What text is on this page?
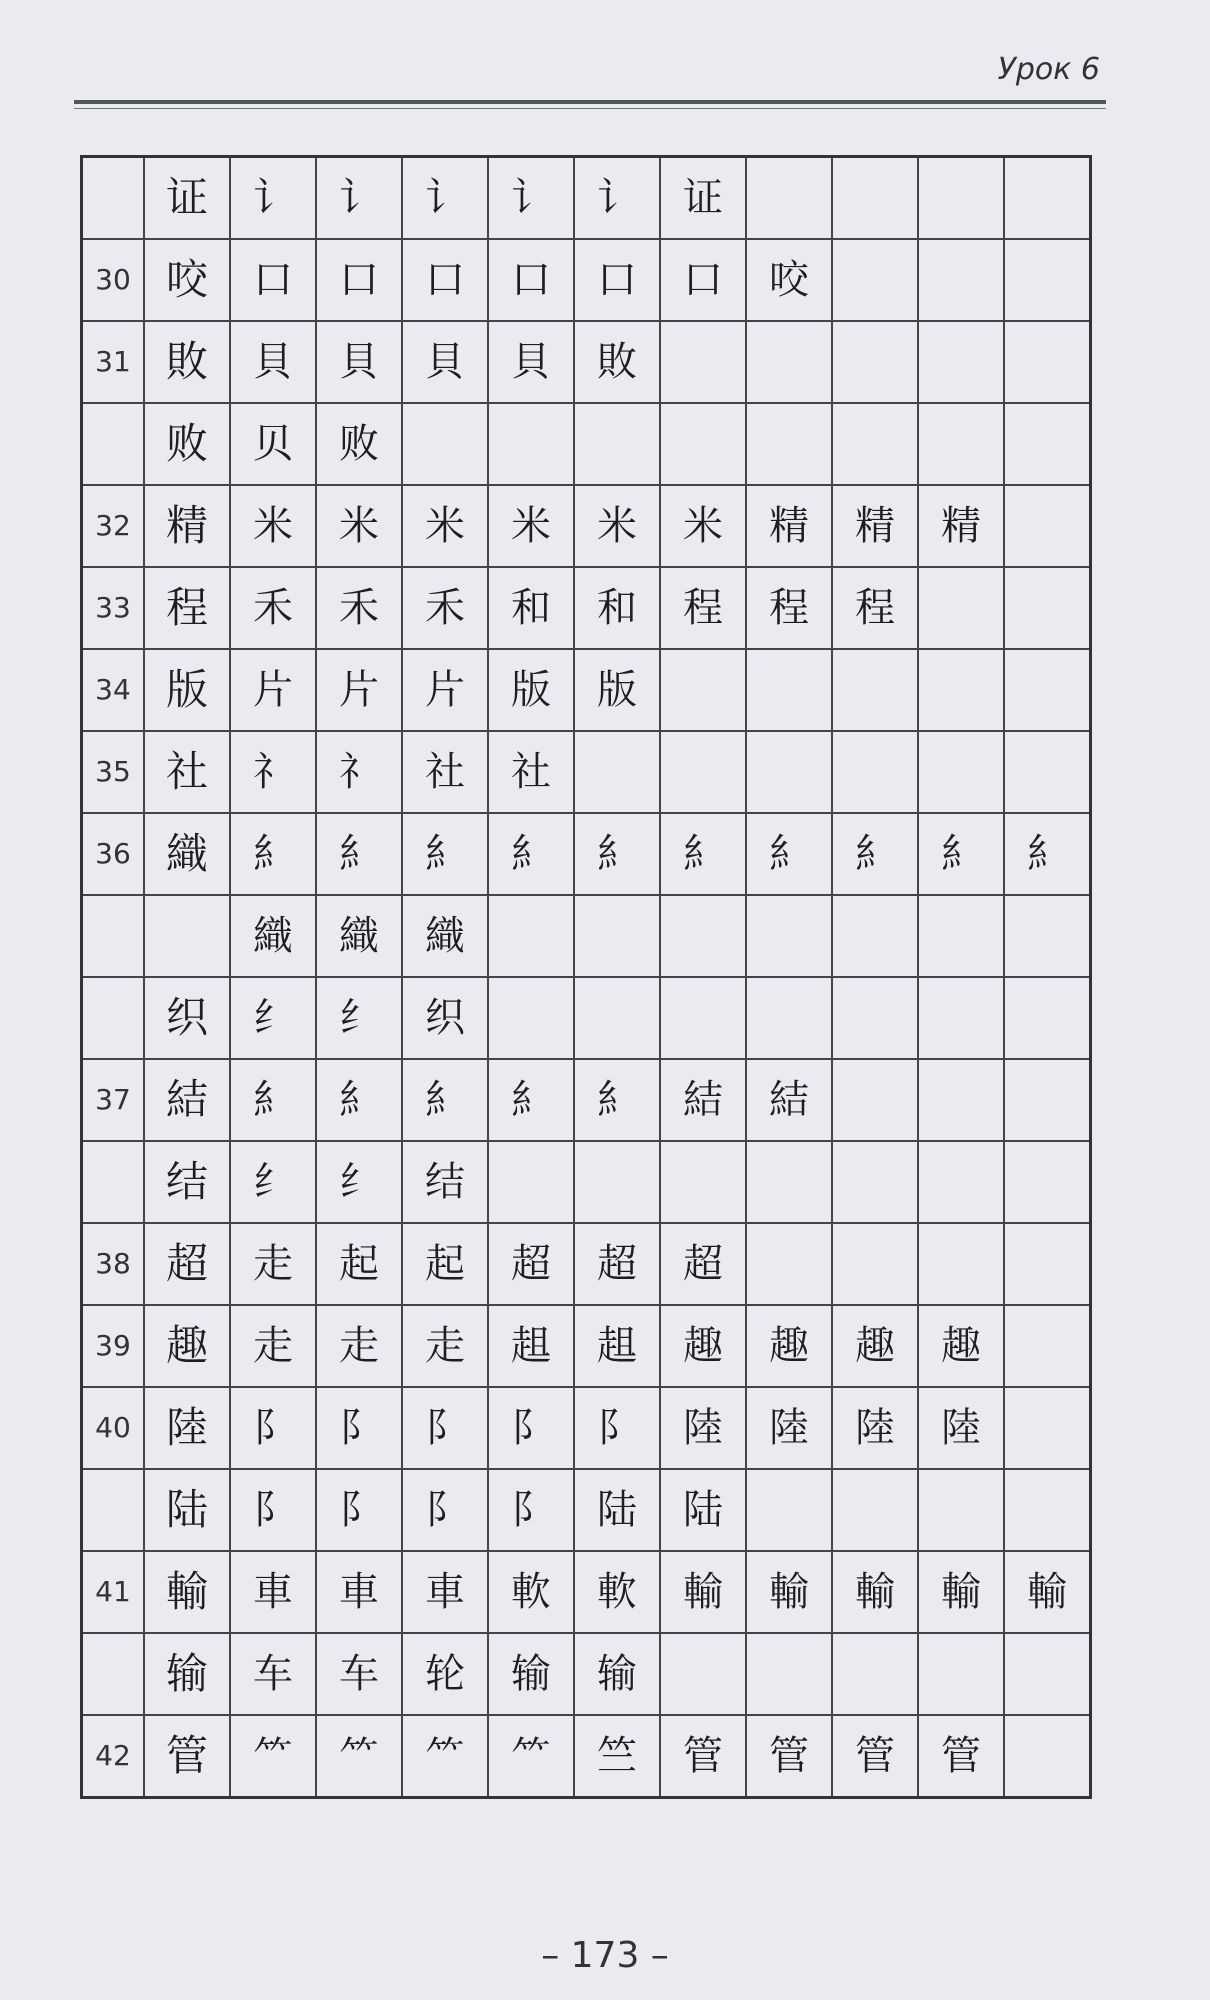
Урок 6
	证	讠	讠	讠	讠	讠	证				
30	咬	口	口	口	口	口	口	咬			
31	敗	貝	貝	貝	貝	敗					
	败	贝	败								
32	精	米	米	米	米	米	米	精	精	精	
33	程	禾	禾	禾	和	和	程	程	程		
34	版	片	片	片	版	版					
35	社	礻	礻	社	社						
36	織	糹	糹	糹	糹	糹	糹	糹	糹	糹	糹
		織	織	織							
	织	纟	纟	织							
37	結	糹	糹	糹	糹	糹	結	結			
	结	纟	纟	结							
38	超	走	起	起	超	超	超				
39	趣	走	走	走	趄	趄	趣	趣	趣	趣	
40	陸	阝	阝	阝	阝	阝	陸	陸	陸	陸	
	陆	阝	阝	阝	阝	陆	陆				
41	輸	車	車	車	軟	軟	輸	輸	輸	輸	輸
	输	车	车	轮	输	输					
42	管	⺮	⺮	⺮	⺮	竺	管	管	管	管	
– 173 –
